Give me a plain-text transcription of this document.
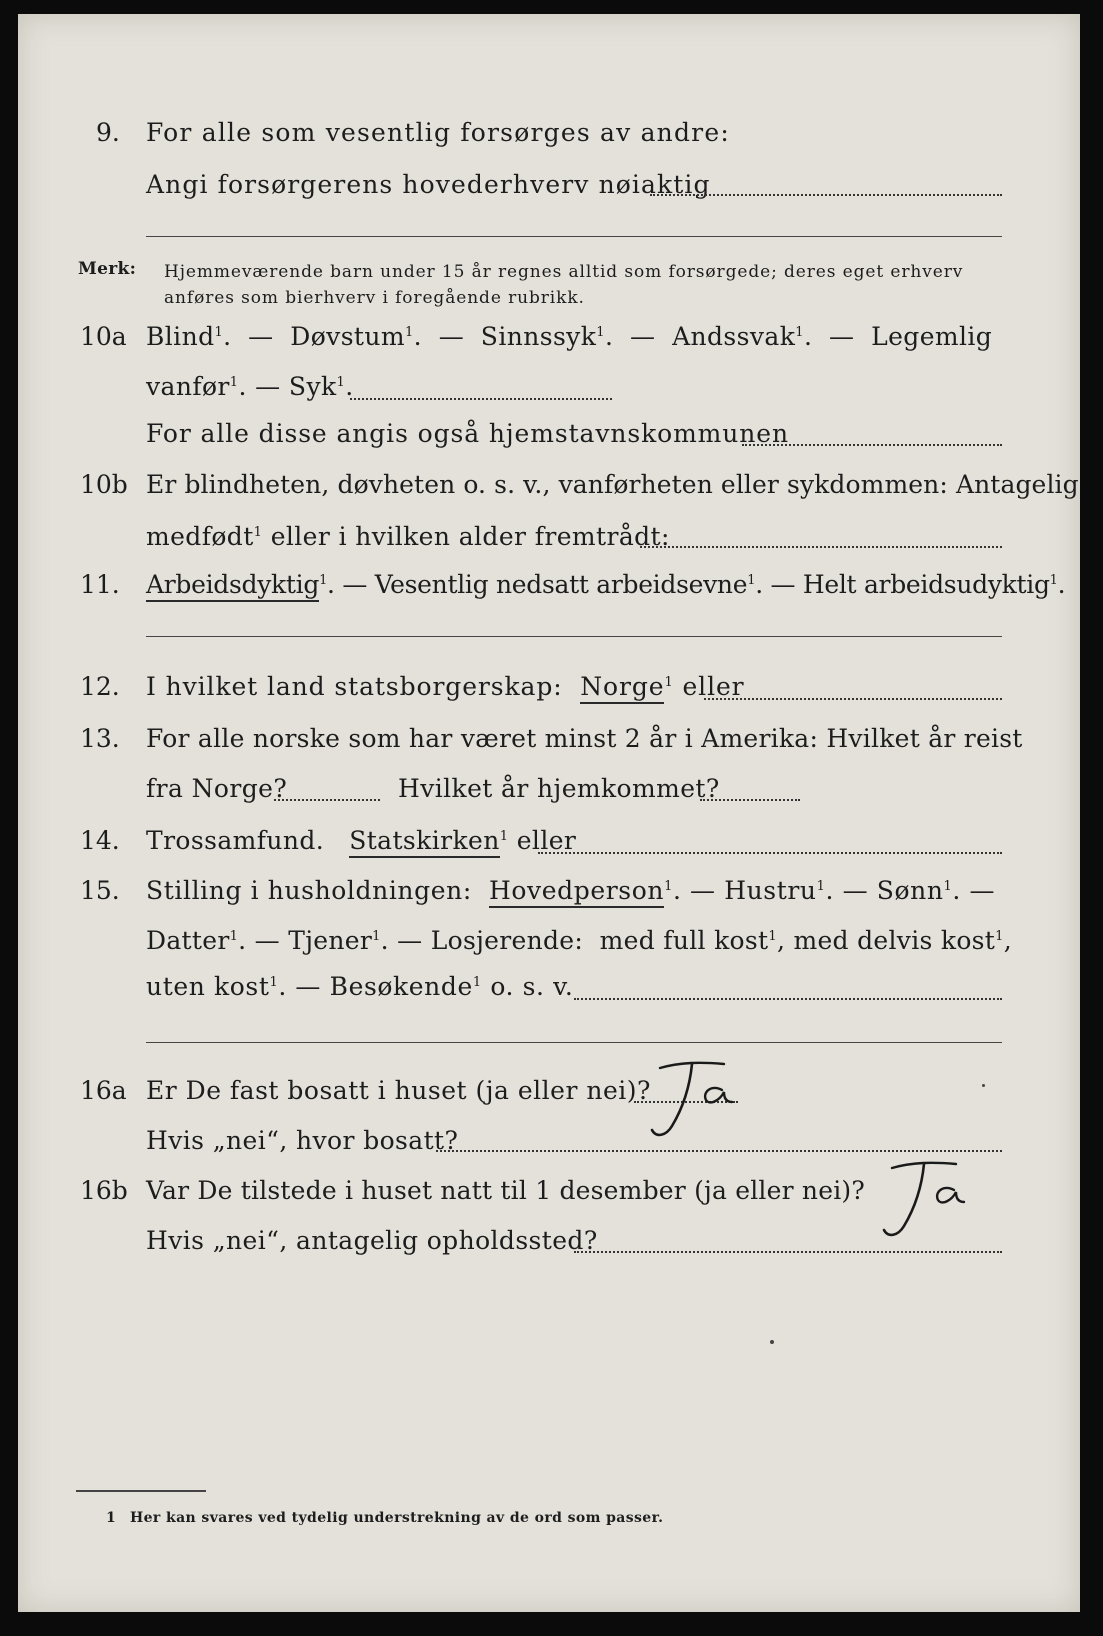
9. For alle som vesentlig forsørges av andre:
Angi forsørgerens hovederhverv nøiaktig
Merk: Hjemmeværende barn under 15 år regnes alltid som forsørgede; deres eget erhverv
anføres som bierhverv i foregående rubrikk.
10a Blind$^1$.  —  Døvstum$^1$.  —  Sinnssyk$^1$.  —  Andssvak$^1$.  —  Legemlig
vanfør$^1$. — Syk$^1$.
For alle disse angis også hjemstavnskommunen
10b Er blindheten, døvheten o. s. v., vanførheten eller sykdommen: Antagelig
medfødt$^1$ eller i hvilken alder fremtrådt:
11. Arbeidsdyktig$^1$. — Vesentlig nedsatt arbeidsevne$^1$. — Helt arbeidsudyktig$^1$.
12. I hvilket land statsborgerskap: Norge$^1$ eller
13. For alle norske som har været minst 2 år i Amerika: Hvilket år reist
fra Norge?	Hvilket år hjemkommet?
14. Trossamfund. Statskirken$^1$ eller
15. Stilling i husholdningen: Hovedperson$^1$. — Hustru$^1$. — Sønn$^1$. —
Datter$^1$. — Tjener$^1$. — Losjerende: med full kost$^1$, med delvis kost$^1$,
uten kost$^1$. — Besøkende$^1$ o. s. v.
16a Er De fast bosatt i huset (ja eller nei)?
Ja
Hvis „nei“, hvor bosatt?
16b Var De tilstede i huset natt til 1 desember (ja eller nei)?
Ja
Hvis „nei“, antagelig opholdssted?
1 Her kan svares ved tydelig understrekning av de ord som passer.
